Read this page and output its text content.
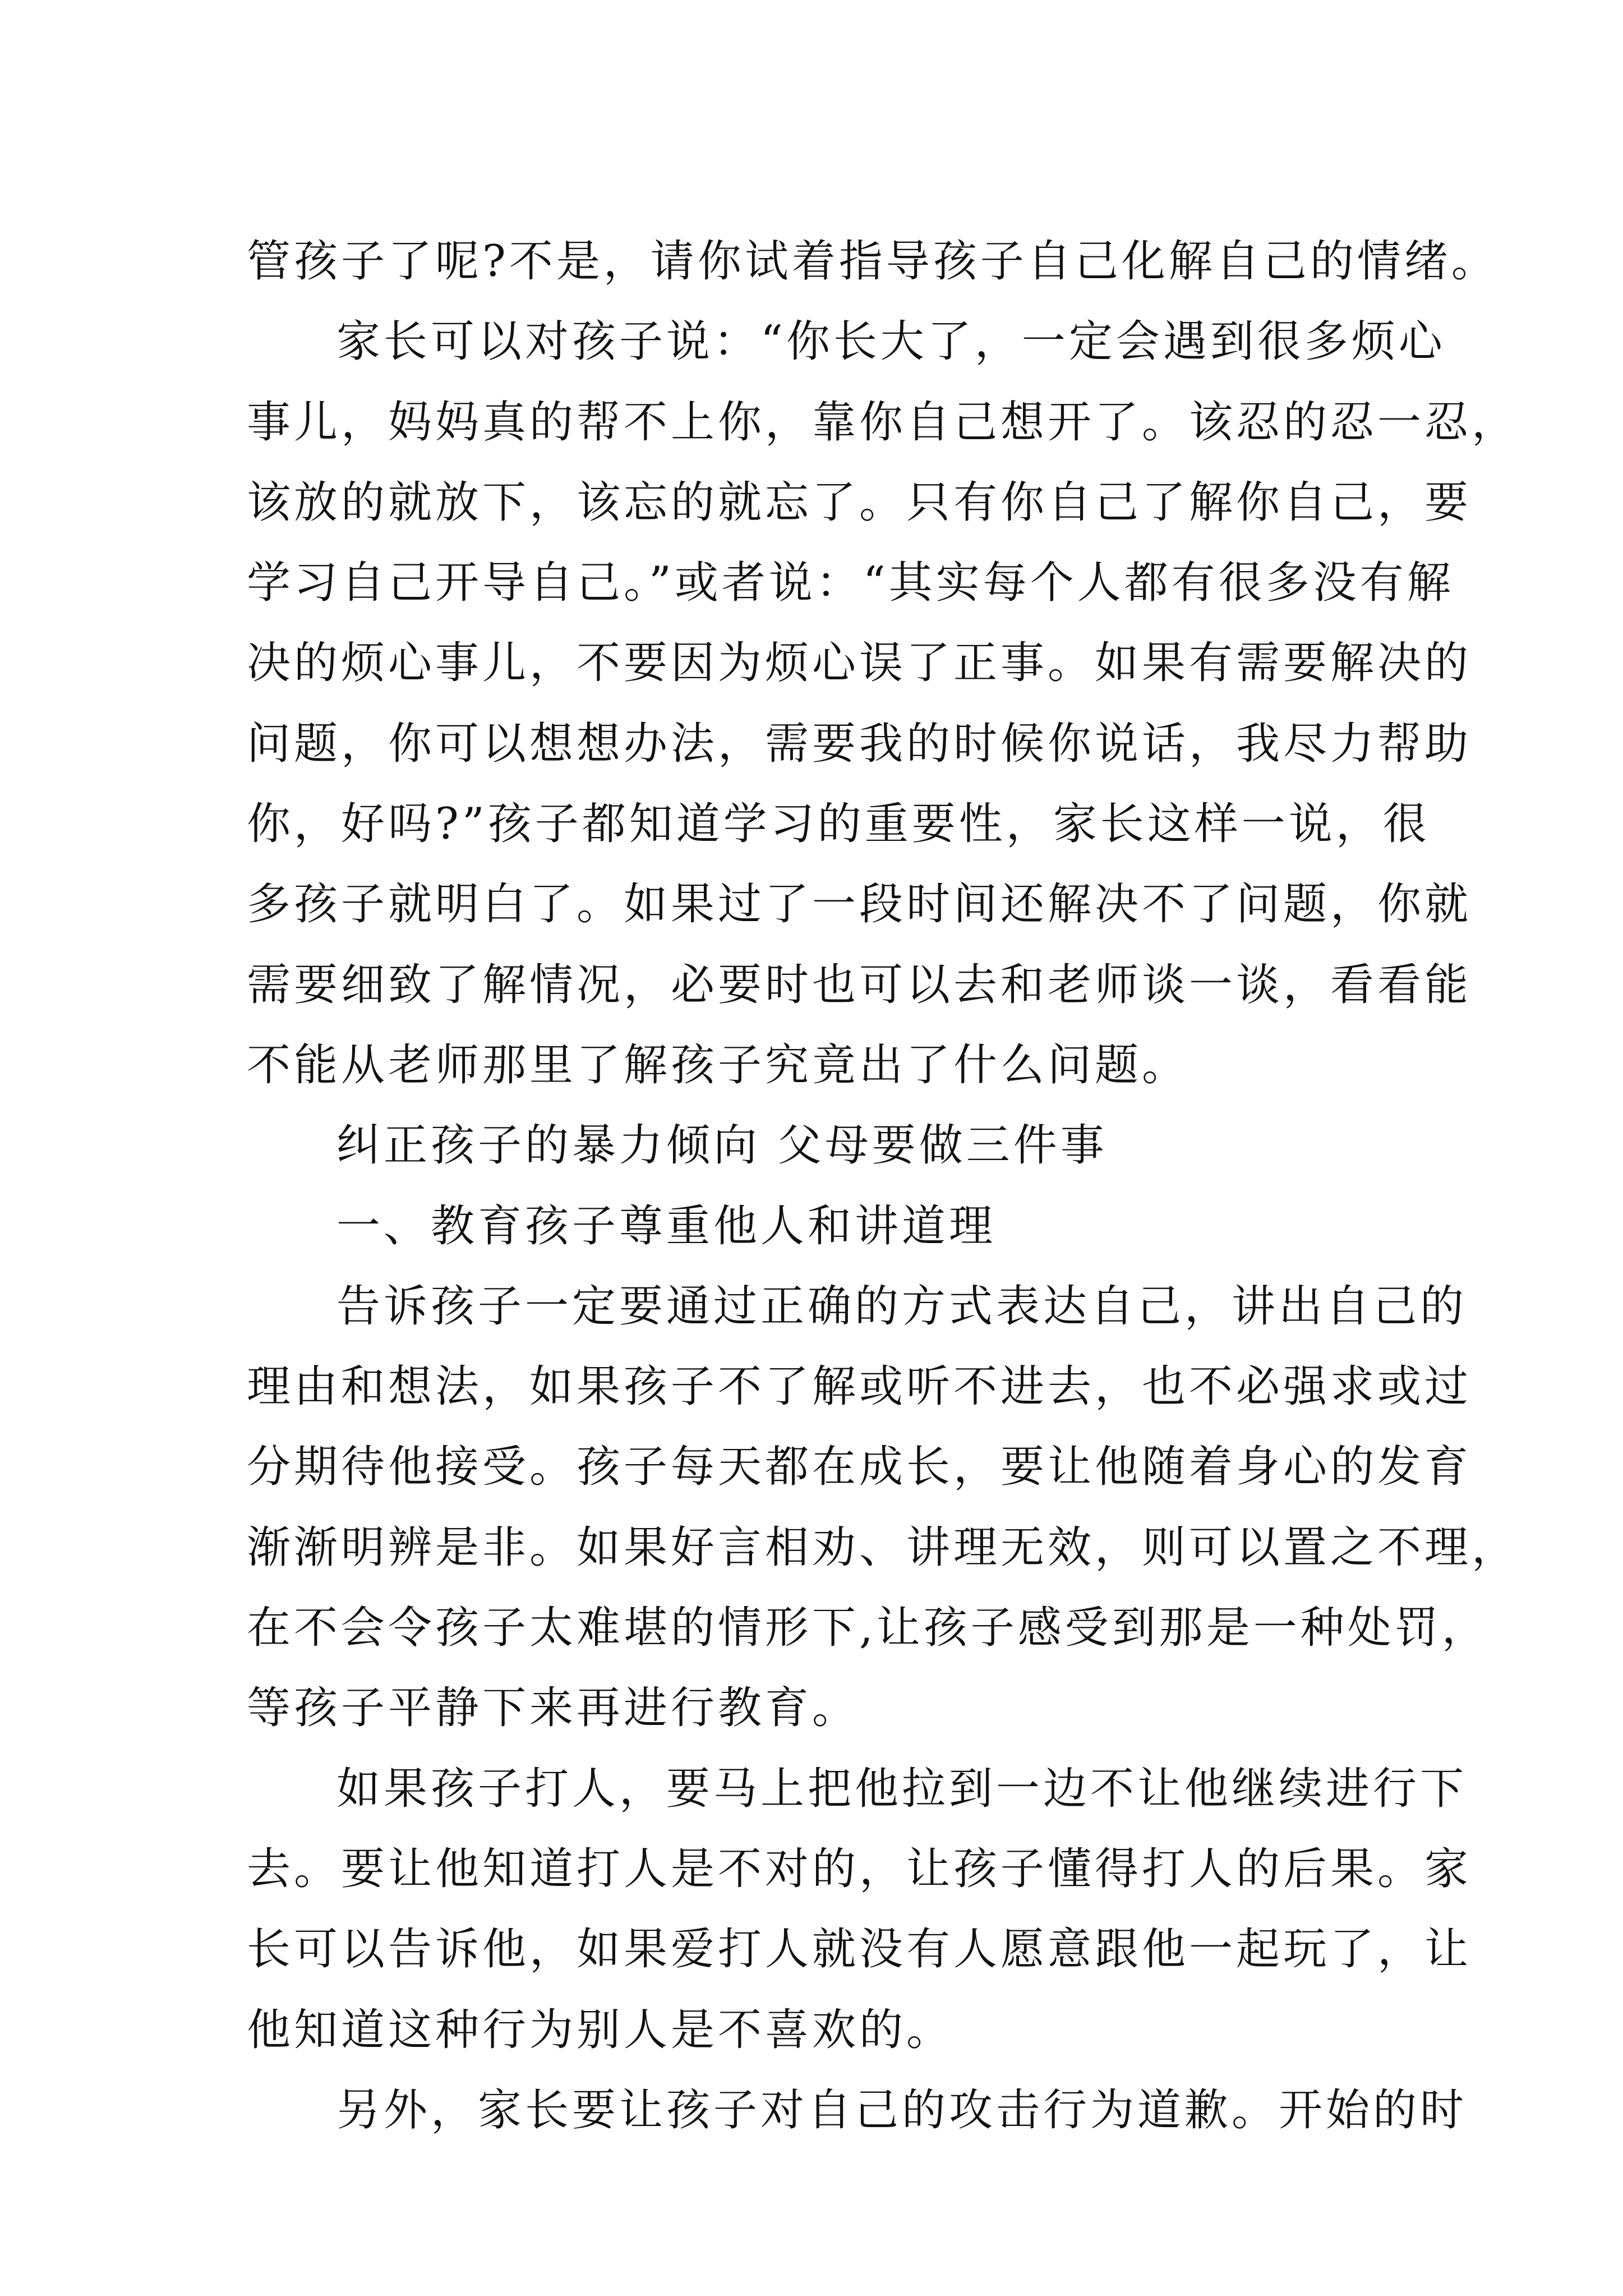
管孩子了呢?不是，请你试着指导孩子自己化解自己的情绪。
家长可以对孩子说：“你长大了，一定会遇到很多烦心
事儿，妈妈真的帮不上你，靠你自己想开了。该忍的忍一忍，
该放的就放下，该忘的就忘了。只有你自己了解你自己，要
学习自己开导自己。”或者说：“其实每个人都有很多没有解
决的烦心事儿，不要因为烦心误了正事。如果有需要解决的
问题，你可以想想办法，需要我的时候你说话，我尽力帮助
你，好吗?”孩子都知道学习的重要性，家长这样一说，很
多孩子就明白了。如果过了一段时间还解决不了问题，你就
需要细致了解情况，必要时也可以去和老师谈一谈，看看能
不能从老师那里了解孩子究竟出了什么问题。
纠正孩子的暴力倾向 父母要做三件事
一、教育孩子尊重他人和讲道理
告诉孩子一定要通过正确的方式表达自己，讲出自己的
理由和想法，如果孩子不了解或听不进去，也不必强求或过
分期待他接受。孩子每天都在成长，要让他随着身心的发育
渐渐明辨是非。如果好言相劝、讲理无效，则可以置之不理，
在不会令孩子太难堪的情形下,让孩子感受到那是一种处罚，
等孩子平静下来再进行教育。
如果孩子打人，要马上把他拉到一边不让他继续进行下
去。要让他知道打人是不对的，让孩子懂得打人的后果。家
长可以告诉他，如果爱打人就没有人愿意跟他一起玩了，让
他知道这种行为别人是不喜欢的。
另外，家长要让孩子对自己的攻击行为道歉。开始的时
